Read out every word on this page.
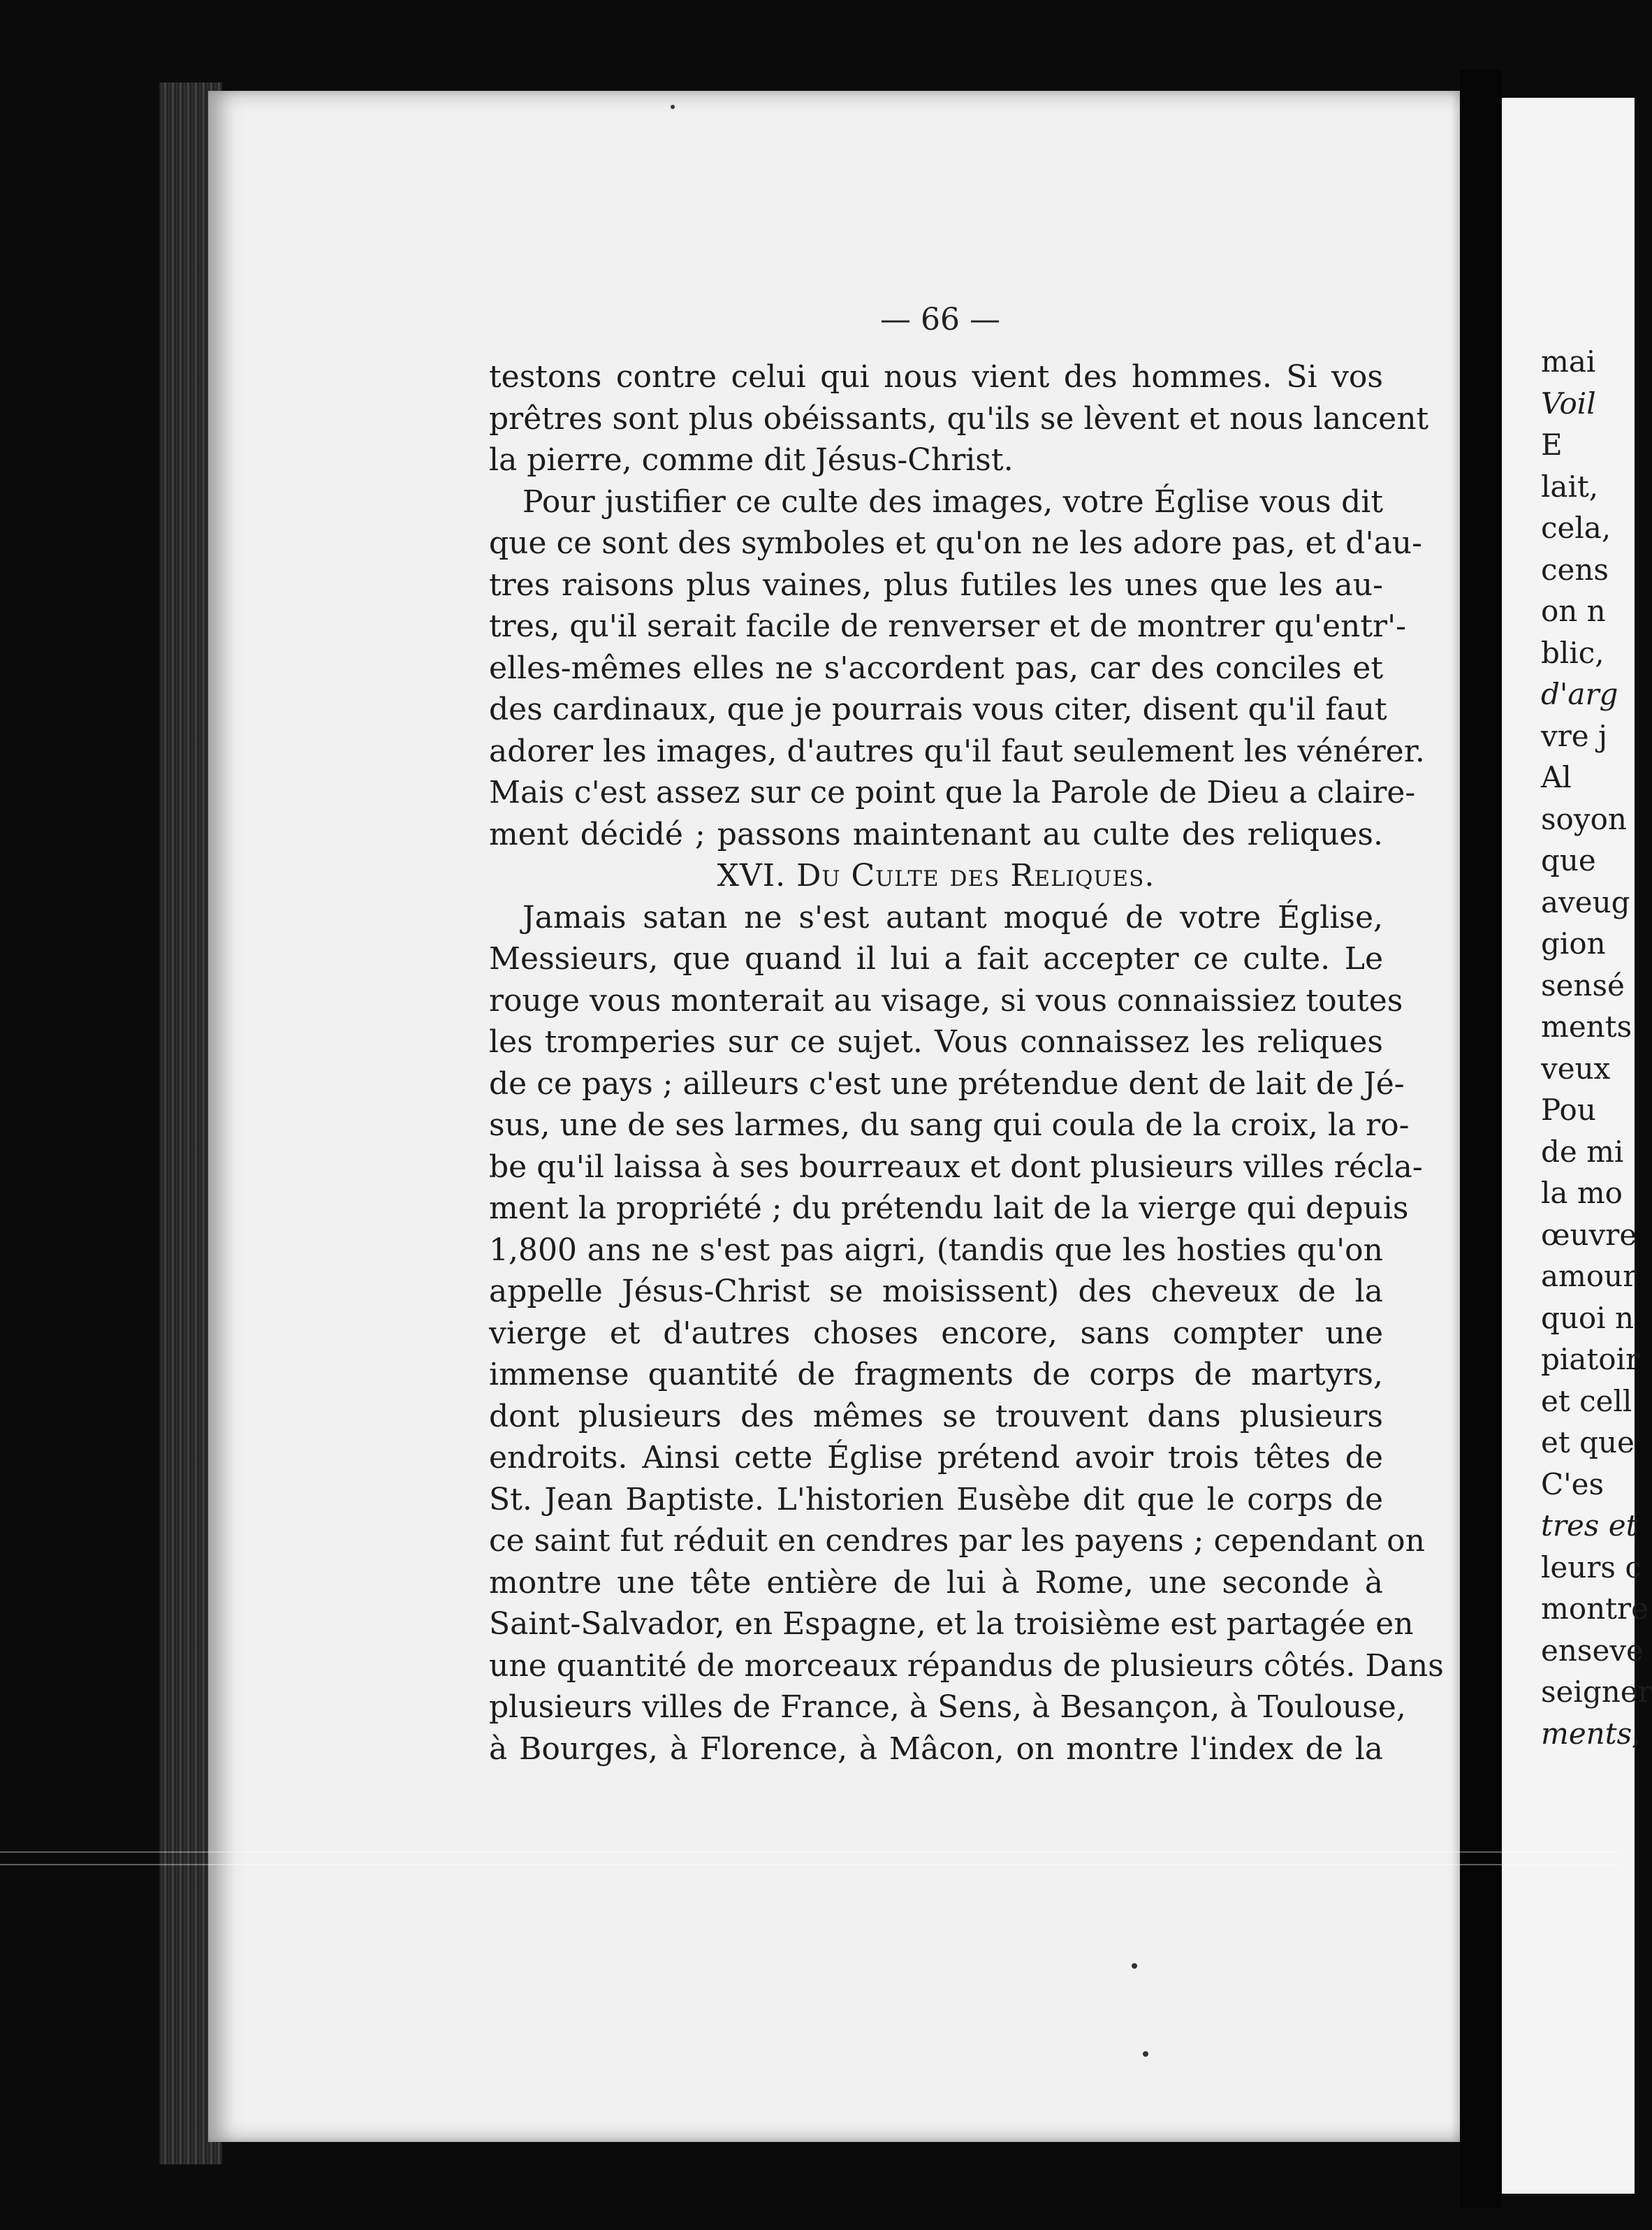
— 66 —
testons contre celui qui nous vient des hommes. Si vos
prêtres sont plus obéissants, qu'ils se lèvent et nous lancent
la pierre, comme dit Jésus-Christ.
Pour justifier ce culte des images, votre Église vous dit
que ce sont des symboles et qu'on ne les adore pas, et d'au-
tres raisons plus vaines, plus futiles les unes que les au-
tres, qu'il serait facile de renverser et de montrer qu'entr'-
elles-mêmes elles ne s'accordent pas, car des conciles et
des cardinaux, que je pourrais vous citer, disent qu'il faut
adorer les images, d'autres qu'il faut seulement les vénérer.
Mais c'est assez sur ce point que la Parole de Dieu a claire-
ment décidé ; passons maintenant au culte des reliques.
XVI. Du Culte des Reliques.
Jamais satan ne s'est autant moqué de votre Église,
Messieurs, que quand il lui a fait accepter ce culte. Le
rouge vous monterait au visage, si vous connaissiez toutes
les tromperies sur ce sujet. Vous connaissez les reliques
de ce pays ; ailleurs c'est une prétendue dent de lait de Jé-
sus, une de ses larmes, du sang qui coula de la croix, la ro-
be qu'il laissa à ses bourreaux et dont plusieurs villes récla-
ment la propriété ; du prétendu lait de la vierge qui depuis
1,800 ans ne s'est pas aigri, (tandis que les hosties qu'on
appelle Jésus-Christ se moisissent) des cheveux de la
vierge et d'autres choses encore, sans compter une
immense quantité de fragments de corps de martyrs,
dont plusieurs des mêmes se trouvent dans plusieurs
endroits. Ainsi cette Église prétend avoir trois têtes de
St. Jean Baptiste. L'historien Eusèbe dit que le corps de
ce saint fut réduit en cendres par les payens ; cependant on
montre une tête entière de lui à Rome, une seconde à
Saint-Salvador, en Espagne, et la troisième est partagée en
une quantité de morceaux répandus de plusieurs côtés. Dans
plusieurs villes de France, à Sens, à Besançon, à Toulouse,
à Bourges, à Florence, à Mâcon, on montre l'index de la
mai
Voil
E
lait,
cela,
cens
on n
blic,
d'arg
vre j
Al
soyon
que
aveug
gion
sensé
ments
veux
Pou
de mi
la mo
œuvre
amour
quoi n
piatoir
et cell
et que
C'es
tres et
leurs c
montre
enseve
seigner
ments,
